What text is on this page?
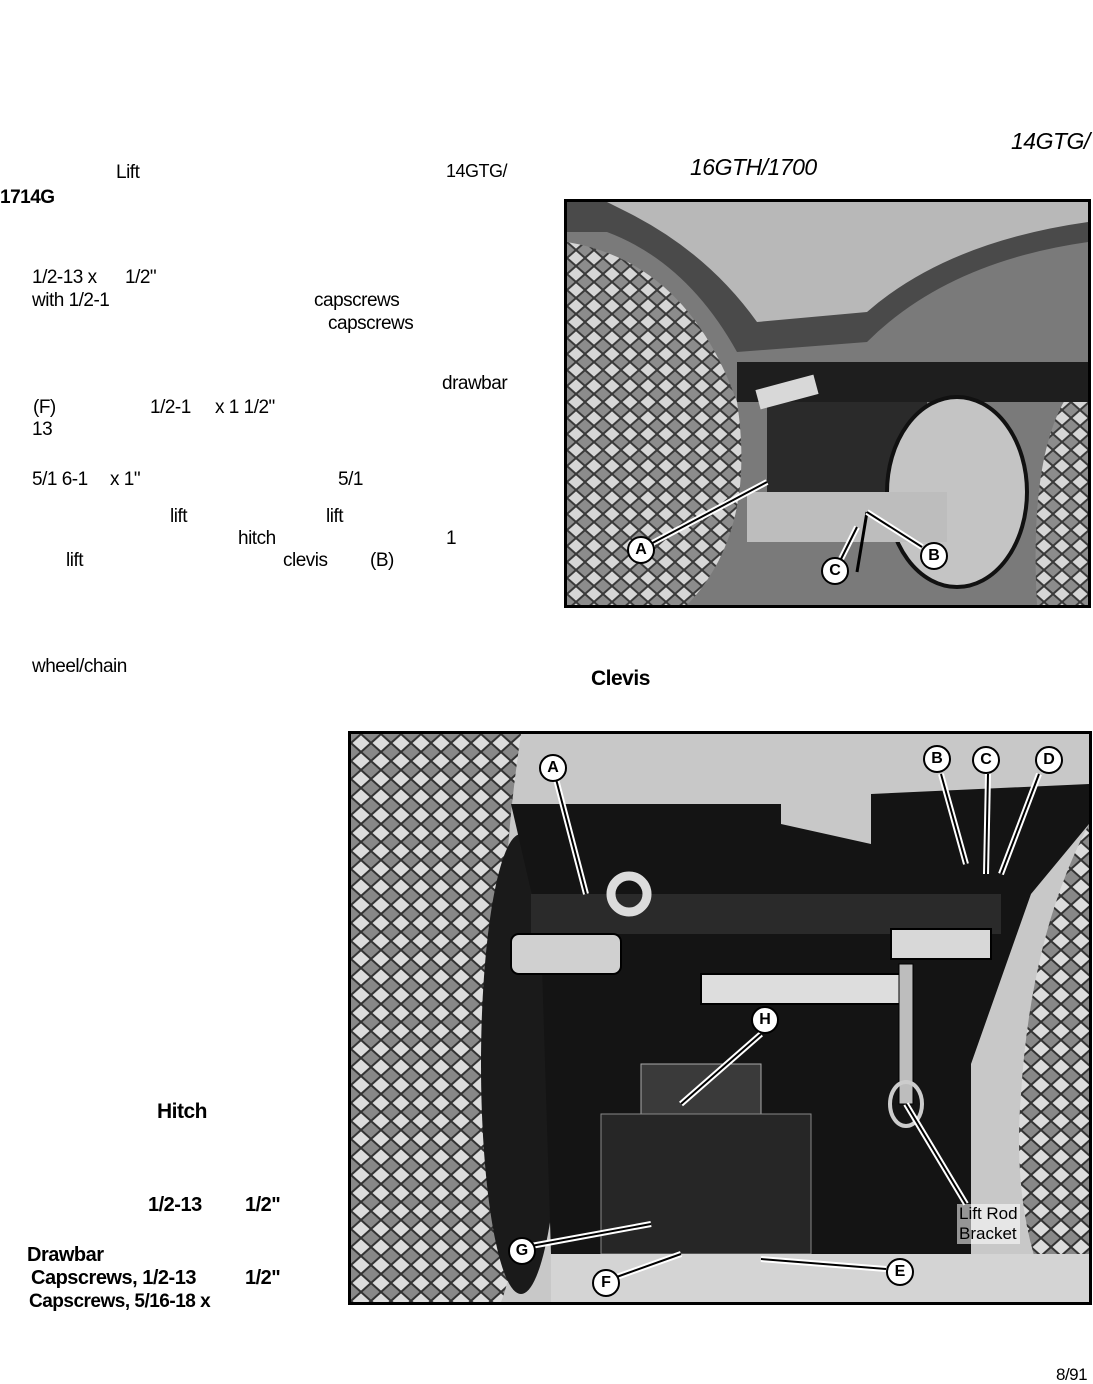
14GTG/
16GTH/1700
Lift	14GTG/
1714G
1/2-13 x 1/2"
with 1/2-1	capscrews
capscrews
drawbar
(F)	1/2-1 x 1 1/2"
13
5/1 6-1 x 1"	5/1
lift	lift
hitch	1
lift	clevis (B)
wheel/chain
Clevis
A	B
C
A
B	C	D
H
G
F
E
Lift Rod
Bracket
Hitch
1/2-13 1/2"
Drawbar
Capscrews, 1/2-13 1/2"
Capscrews, 5/16-18 x
8/91
